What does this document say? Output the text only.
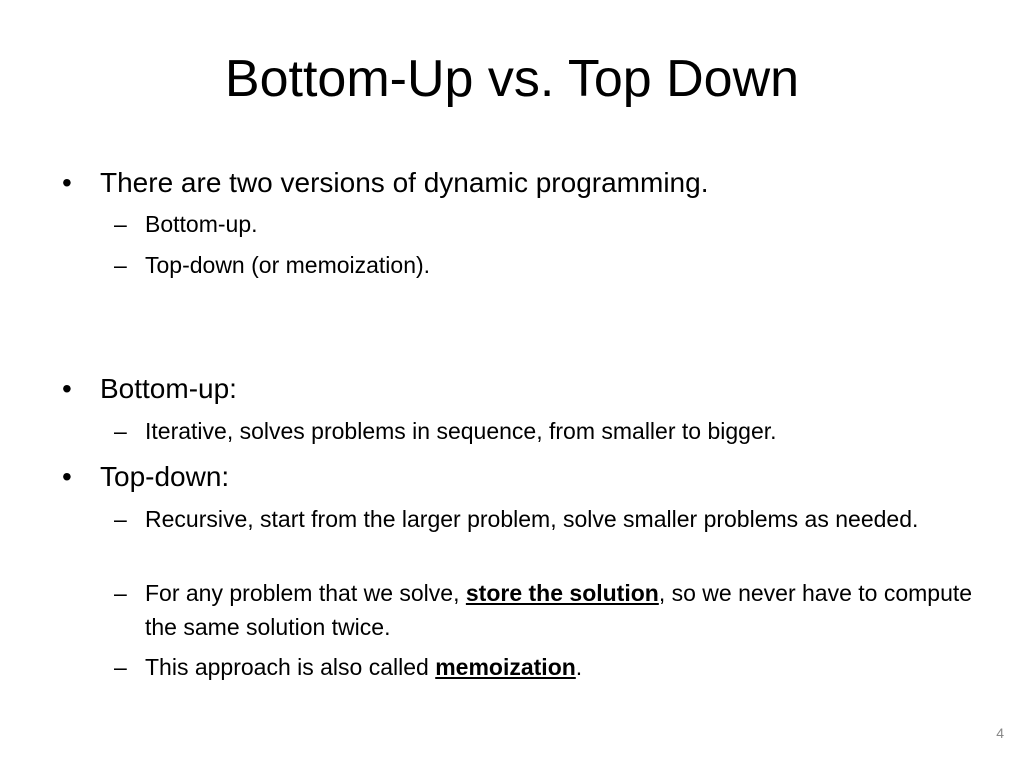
Bottom-Up vs. Top Down
•	There are two versions of dynamic programming.
– Bottom-up.
– Top-down (or memoization).
•	Bottom-up:
– Iterative, solves problems in sequence, from smaller to bigger.
•	Top-down:
– Recursive, start from the larger problem, solve smaller problems as needed.
– For any problem that we solve, store the solution, so we never have to compute the same solution twice.
– This approach is also called memoization.
4
